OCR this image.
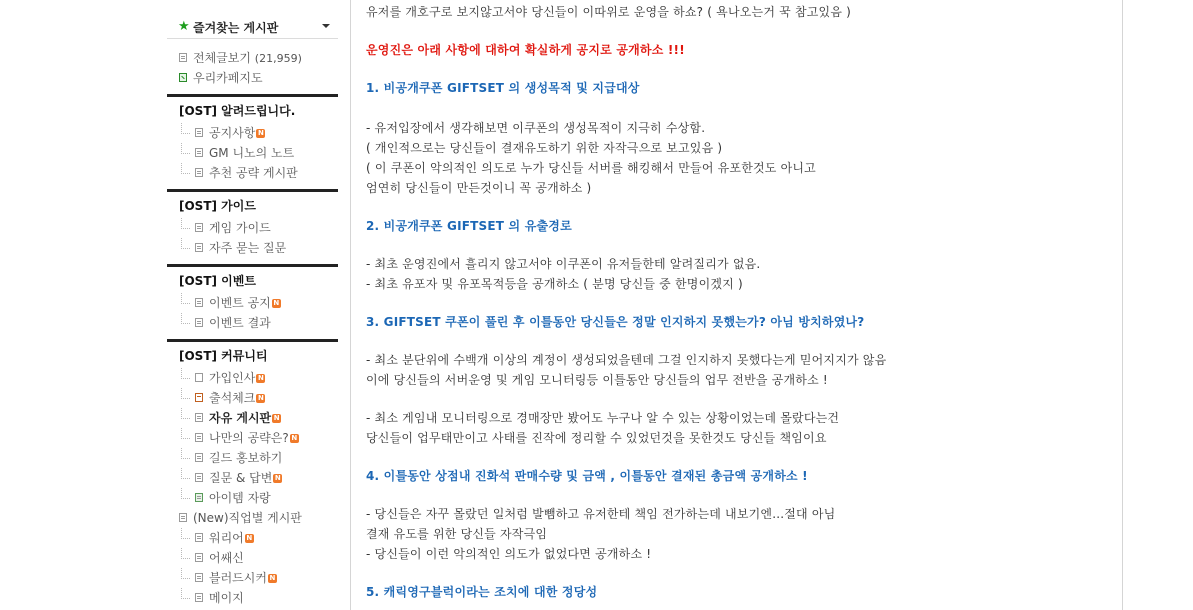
★ 즐겨찾는 게시판
전체글보기 (21,959)
우리카페지도
[OST] 알려드립니다.
공지사항 N
GM 니노의 노트
추천 공략 게시판
[OST] 가이드
게임 가이드
자주 묻는 질문
[OST] 이벤트
이벤트 공지 N
이벤트 결과
[OST] 커뮤니티
가입인사 N
출석체크 N
자유 게시판 N
나만의 공략은? N
길드 홍보하기
질문 & 답변 N
아이템 자랑
(New)직업별 게시판
워리어 N
어쌔신
블러드시커 N
메이지
유저를 개호구로 보지않고서야 당신들이 이따위로 운영을 하쇼? ( 욕나오는거 꾹 참고있음 )
운영진은 아래 사항에 대하여 확실하게 공지로 공개하소 !!!
1. 비공개쿠폰 GIFTSET 의 생성목적 및 지급대상
- 유저입장에서 생각해보면 이쿠폰의 생성목적이 지극히 수상함.
( 개인적으로는 당신들이 결재유도하기 위한 자작극으로 보고있음 )
( 이 쿠폰이 악의적인 의도로 누가 당신들 서버를 해킹해서 만들어 유포한것도 아니고
엄연히 당신들이 만든것이니 꼭 공개하소 )
2. 비공개쿠폰 GIFTSET 의 유출경로
- 최초 운영진에서 흘리지 않고서야 이쿠폰이 유저들한테 알려질리가 없음.
- 최초 유포자 및 유포목적등을 공개하소 ( 분명 당신들 중 한명이겠지 )
3. GIFTSET 쿠폰이 풀린 후 이틀동안 당신들은 정말 인지하지 못했는가? 아님 방치하였나?
- 최소 분단위에 수백개 이상의 계정이 생성되었을텐데 그걸 인지하지 못했다는게 믿어지지가 않음
이에 당신들의 서버운영 및 게임 모니터링등 이틀동안 당신들의 업무 전반을 공개하소 !
- 최소 게임내 모니터링으로 경매장만 봤어도 누구나 알 수 있는 상황이었는데 몰랐다는건
당신들이 업무태만이고 사태를 진작에 정리할 수 있었던것을 못한것도 당신들 책임이요
4. 이틀동안 상점내 진화석 판매수량 및 금액 , 이틀동안 결재된 총금액 공개하소 !
- 당신들은 자꾸 몰랐던 일처럼 발뺌하고 유저한테 책임 전가하는데 내보기엔...절대 아님
결재 유도를 위한 당신들 자작극임
- 당신들이 이런 악의적인 의도가 없었다면 공개하소 !
5. 캐릭영구블럭이라는 조치에 대한 정당성
